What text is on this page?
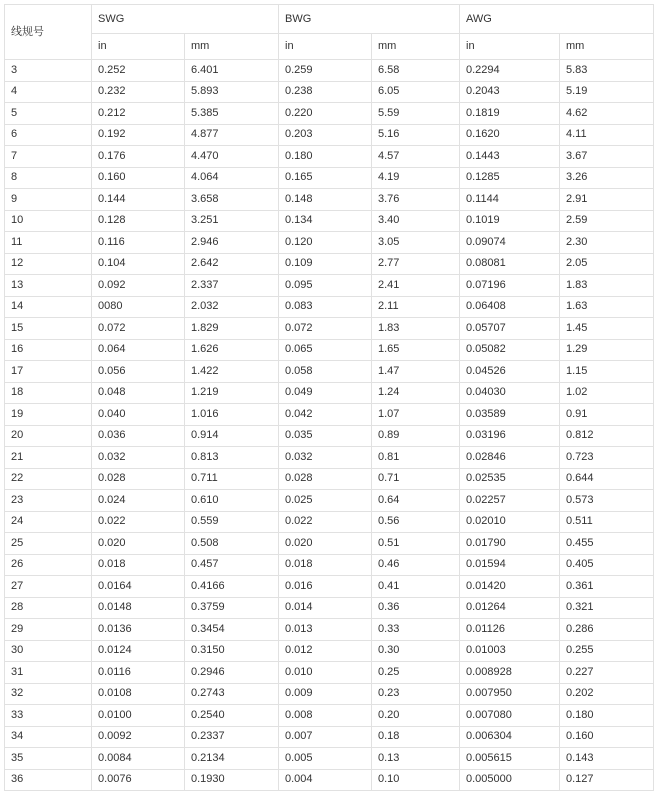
线规号	SWG		BWG		AWG	
	in	mm	in	mm	in	mm
3	0.252	6.401	0.259	6.58	0.2294	5.83
4	0.232	5.893	0.238	6.05	0.2043	5.19
5	0.212	5.385	0.220	5.59	0.1819	4.62
6	0.192	4.877	0.203	5.16	0.1620	4.11
7	0.176	4.470	0.180	4.57	0.1443	3.67
8	0.160	4.064	0.165	4.19	0.1285	3.26
9	0.144	3.658	0.148	3.76	0.1144	2.91
10	0.128	3.251	0.134	3.40	0.1019	2.59
11	0.116	2.946	0.120	3.05	0.09074	2.30
12	0.104	2.642	0.109	2.77	0.08081	2.05
13	0.092	2.337	0.095	2.41	0.07196	1.83
14	0080	2.032	0.083	2.11	0.06408	1.63
15	0.072	1.829	0.072	1.83	0.05707	1.45
16	0.064	1.626	0.065	1.65	0.05082	1.29
17	0.056	1.422	0.058	1.47	0.04526	1.15
18	0.048	1.219	0.049	1.24	0.04030	1.02
19	0.040	1.016	0.042	1.07	0.03589	0.91
20	0.036	0.914	0.035	0.89	0.03196	0.812
21	0.032	0.813	0.032	0.81	0.02846	0.723
22	0.028	0.711	0.028	0.71	0.02535	0.644
23	0.024	0.610	0.025	0.64	0.02257	0.573
24	0.022	0.559	0.022	0.56	0.02010	0.511
25	0.020	0.508	0.020	0.51	0.01790	0.455
26	0.018	0.457	0.018	0.46	0.01594	0.405
27	0.0164	0.4166	0.016	0.41	0.01420	0.361
28	0.0148	0.3759	0.014	0.36	0.01264	0.321
29	0.0136	0.3454	0.013	0.33	0.01126	0.286
30	0.0124	0.3150	0.012	0.30	0.01003	0.255
31	0.0116	0.2946	0.010	0.25	0.008928	0.227
32	0.0108	0.2743	0.009	0.23	0.007950	0.202
33	0.0100	0.2540	0.008	0.20	0.007080	0.180
34	0.0092	0.2337	0.007	0.18	0.006304	0.160
35	0.0084	0.2134	0.005	0.13	0.005615	0.143
36	0.0076	0.1930	0.004	0.10	0.005000	0.127
